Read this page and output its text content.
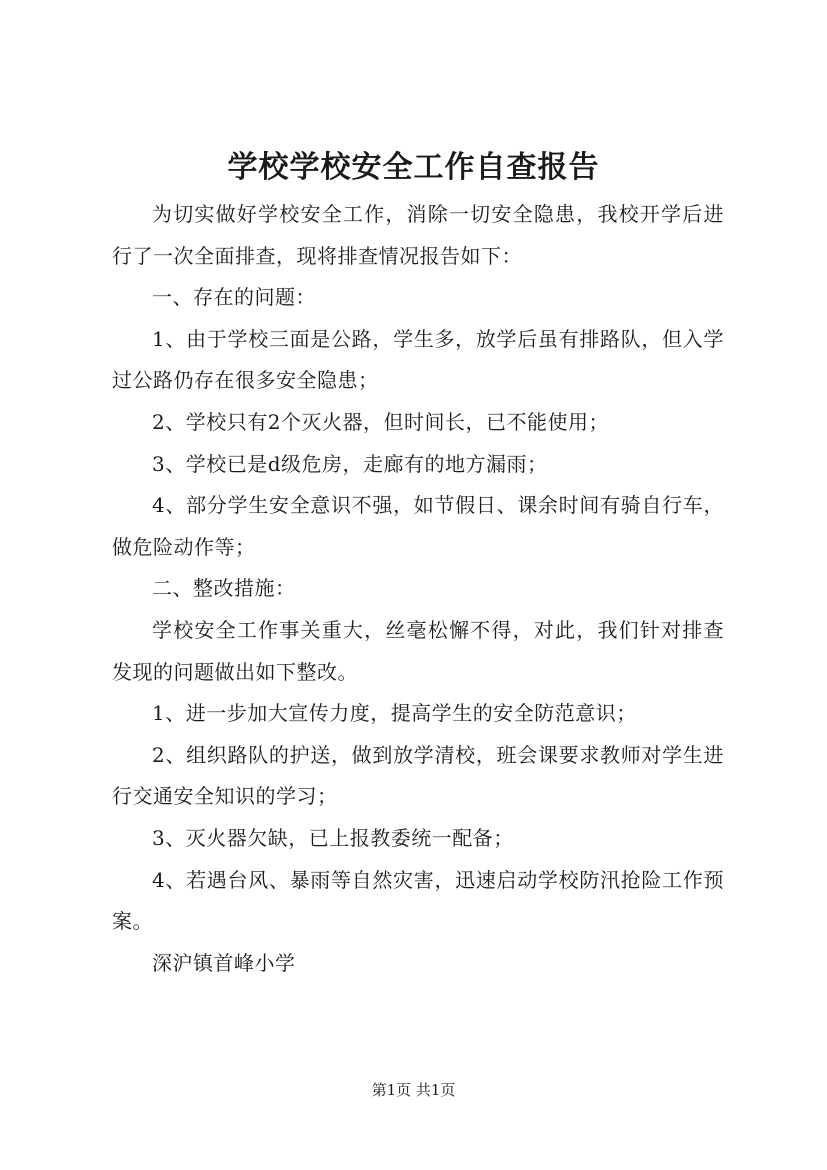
学校学校安全工作自查报告

为切实做好学校安全工作，消除一切安全隐患，我校开学后进行了一次全面排查，现将排查情况报告如下：

一、存在的问题：

1、由于学校三面是公路，学生多，放学后虽有排路队，但入学过公路仍存在很多安全隐患；

2、学校只有2个灭火器，但时间长，已不能使用；

3、学校已是d级危房，走廊有的地方漏雨；

4、部分学生安全意识不强，如节假日、课余时间有骑自行车，做危险动作等；

二、整改措施：

学校安全工作事关重大，丝毫松懈不得，对此，我们针对排查发现的问题做出如下整改。

1、进一步加大宣传力度，提高学生的安全防范意识；

2、组织路队的护送，做到放学清校，班会课要求教师对学生进行交通安全知识的学习；

3、灭火器欠缺，已上报教委统一配备；

4、若遇台风、暴雨等自然灾害，迅速启动学校防汛抢险工作预案。

深沪镇首峰小学

第1页 共1页
